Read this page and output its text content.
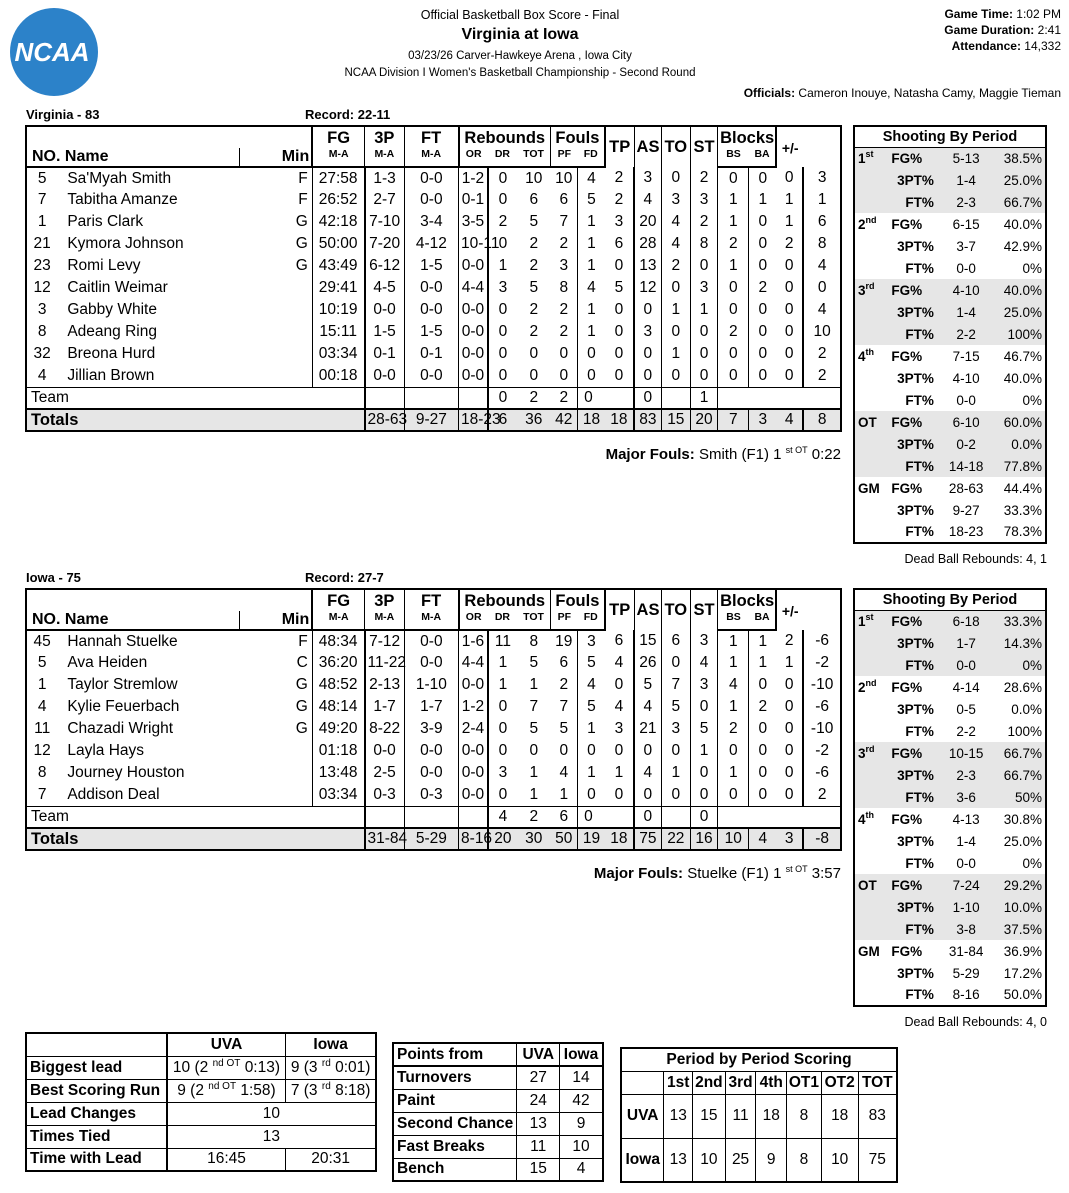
NCAA
Official Basketball Box Score - Final
Virginia at Iowa
03/23/26 Carver-Hawkeye Arena , Iowa City
NCAA Division I Women's Basketball Championship - Second Round
Game Time: 1:02 PM
Game Duration: 2:41
Attendance: 14,332
Officials: Cameron Inouye, Natasha Camy, Maggie Tieman
Virginia - 83	Record: 22-11
Iowa - 75	Record: 27-7
			FG	3P	FT	Rebounds			Fouls		TP	AS	TO	ST	Blocks		+/-	
NO. Name		Min	M-A	M-A	M-A	OR	DR	TOT	PF	FD					BS	BA		
5	Sa'Myah Smith	F	27:58	1-3	0-0	1-2	0	10	10	4	2	3	0	2	0	0	0	3
7	Tabitha Amanze	F	26:52	2-7	0-0	0-1	0	6	6	5	2	4	3	3	1	1	1	1
1	Paris Clark	G	42:18	7-10	3-4	3-5	2	5	7	1	3	20	4	2	1	0	1	6
21	Kymora Johnson	G	50:00	7-20	4-12	10-11	0	2	2	1	6	28	4	8	2	0	2	8
23	Romi Levy	G	43:49	6-12	1-5	0-0	1	2	3	1	0	13	2	0	1	0	0	4
12	Caitlin Weimar		29:41	4-5	0-0	4-4	3	5	8	4	5	12	0	3	0	2	0	0
3	Gabby White		10:19	0-0	0-0	0-0	0	2	2	1	0	0	1	1	0	0	0	4
8	Adeang Ring		15:11	1-5	1-5	0-0	0	2	2	1	0	3	0	0	2	0	0	10
32	Breona Hurd		03:34	0-1	0-1	0-0	0	0	0	0	0	0	1	0	0	0	0	2
4	Jillian Brown		00:18	0-0	0-0	0-0	0	0	0	0	0	0	0	0	0	0	0	2
Team							0	2	2	0		0		1				
Totals				28-63	9-27	18-23	6	36	42	18	18	83	15	20	7	3	4	8
			FG	3P	FT	Rebounds			Fouls		TP	AS	TO	ST	Blocks		+/-	
NO. Name		Min	M-A	M-A	M-A	OR	DR	TOT	PF	FD					BS	BA		
45	Hannah Stuelke	F	48:34	7-12	0-0	1-6	11	8	19	3	6	15	6	3	1	1	2	-6
5	Ava Heiden	C	36:20	11-22	0-0	4-4	1	5	6	5	4	26	0	4	1	1	1	-2
1	Taylor Stremlow	G	48:52	2-13	1-10	0-0	1	1	2	4	0	5	7	3	4	0	0	-10
4	Kylie Feuerbach	G	48:14	1-7	1-7	1-2	0	7	7	5	4	4	5	0	1	2	0	-6
11	Chazadi Wright	G	49:20	8-22	3-9	2-4	0	5	5	1	3	21	3	5	2	0	0	-10
12	Layla Hays		01:18	0-0	0-0	0-0	0	0	0	0	0	0	0	1	0	0	0	-2
8	Journey Houston		13:48	2-5	0-0	0-0	3	1	4	1	1	4	1	0	1	0	0	-6
7	Addison Deal		03:34	0-3	0-3	0-0	0	1	1	0	0	0	0	0	0	0	0	2
Team							4	2	6	0		0		0				
Totals				31-84	5-29	8-16	20	30	50	19	18	75	22	16	10	4	3	-8
Major Fouls: Smith (F1) 1 $^{st OT}$ 0:22
Major Fouls: Stuelke (F1) 1 $^{st OT}$ 3:57
Shooting By Period			
1st	FG%	5-13	38.5%
	3PT%	1-4	25.0%
	FT%	2-3	66.7%
2nd	FG%	6-15	40.0%
	3PT%	3-7	42.9%
	FT%	0-0	0%
3rd	FG%	4-10	40.0%
	3PT%	1-4	25.0%
	FT%	2-2	100%
4th	FG%	7-15	46.7%
	3PT%	4-10	40.0%
	FT%	0-0	0%
OT	FG%	6-10	60.0%
	3PT%	0-2	0.0%
	FT%	14-18	77.8%
GM	FG%	28-63	44.4%
	3PT%	9-27	33.3%
	FT%	18-23	78.3%
Shooting By Period			
1st	FG%	6-18	33.3%
	3PT%	1-7	14.3%
	FT%	0-0	0%
2nd	FG%	4-14	28.6%
	3PT%	0-5	0.0%
	FT%	2-2	100%
3rd	FG%	10-15	66.7%
	3PT%	2-3	66.7%
	FT%	3-6	50%
4th	FG%	4-13	30.8%
	3PT%	1-4	25.0%
	FT%	0-0	0%
OT	FG%	7-24	29.2%
	3PT%	1-10	10.0%
	FT%	3-8	37.5%
GM	FG%	31-84	36.9%
	3PT%	5-29	17.2%
	FT%	8-16	50.0%
Dead Ball Rebounds: 4, 1
Dead Ball Rebounds: 4, 0
	UVA	Iowa
Biggest lead	10 (2 $^{nd OT}$ 0:13)	9 (3 $^{rd}$ 0:01)
Best Scoring Run	9 (2 $^{nd OT}$ 1:58)	7 (3 $^{rd}$ 8:18)
Lead Changes	10	
Times Tied	13	
Time with Lead	16:45	20:31
Points from	UVA	Iowa
Turnovers	27	14
Paint	24	42
Second Chance	13	9
Fast Breaks	11	10
Bench	15	4
Period by Period Scoring							
	1st	2nd	3rd	4th	OT1	OT2	TOT
UVA	13	15	11	18	8	18	83
Iowa	13	10	25	9	8	10	75
